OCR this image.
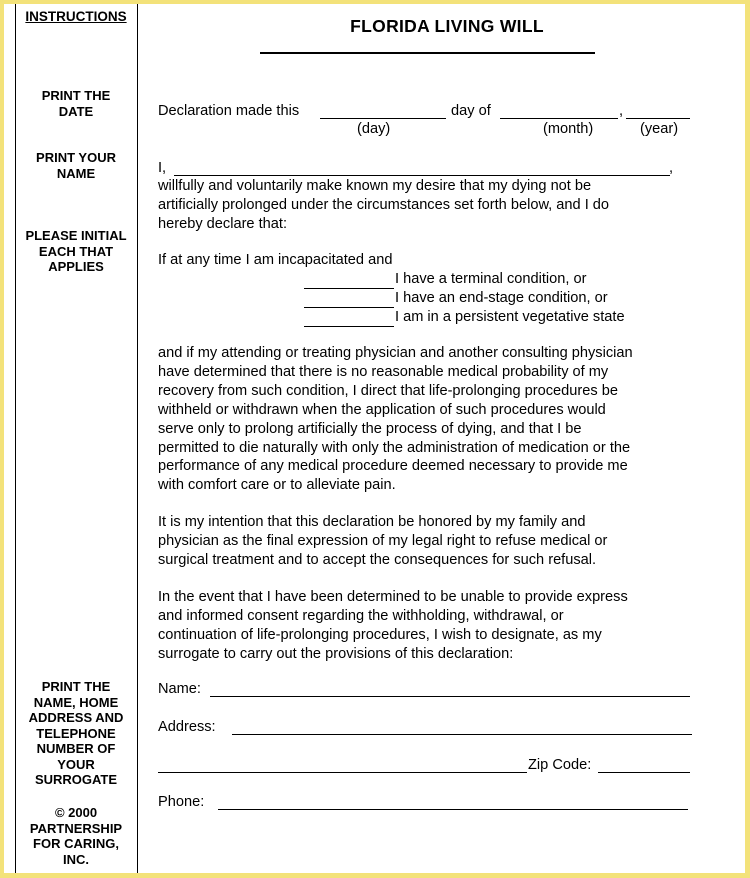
INSTRUCTIONS
PRINT THE
DATE
PRINT YOUR
NAME
PLEASE INITIAL
EACH THAT
APPLIES
PRINT THE
NAME, HOME
ADDRESS AND
TELEPHONE
NUMBER OF
YOUR
SURROGATE
© 2000
PARTNERSHIP
FOR CARING,
INC.
FLORIDA LIVING WILL
Declaration made this	day of	,
(day)	(month)	(year)
I,	,
willfully and voluntarily make known my desire that my dying not be
artificially prolonged under the circumstances set forth below, and I do
hereby declare that:
If at any time I am incapacitated and
I have a terminal condition, or
I have an end-stage condition, or
I am in a persistent vegetative state
and if my attending or treating physician and another consulting physician
have determined that there is no reasonable medical probability of my
recovery from such condition, I direct that life-prolonging procedures be
withheld or withdrawn when the application of such procedures would
serve only to prolong artificially the process of dying, and that I be
permitted to die naturally with only the administration of medication or the
performance of any medical procedure deemed necessary to provide me
with comfort care or to alleviate pain.
It is my intention that this declaration be honored by my family and
physician as the final expression of my legal right to refuse medical or
surgical treatment and to accept the consequences for such refusal.
In the event that I have been determined to be unable to provide express
and informed consent regarding the withholding, withdrawal, or
continuation of life-prolonging procedures, I wish to designate, as my
surrogate to carry out the provisions of this declaration:
Name:
Address:
Zip Code:
Phone:
